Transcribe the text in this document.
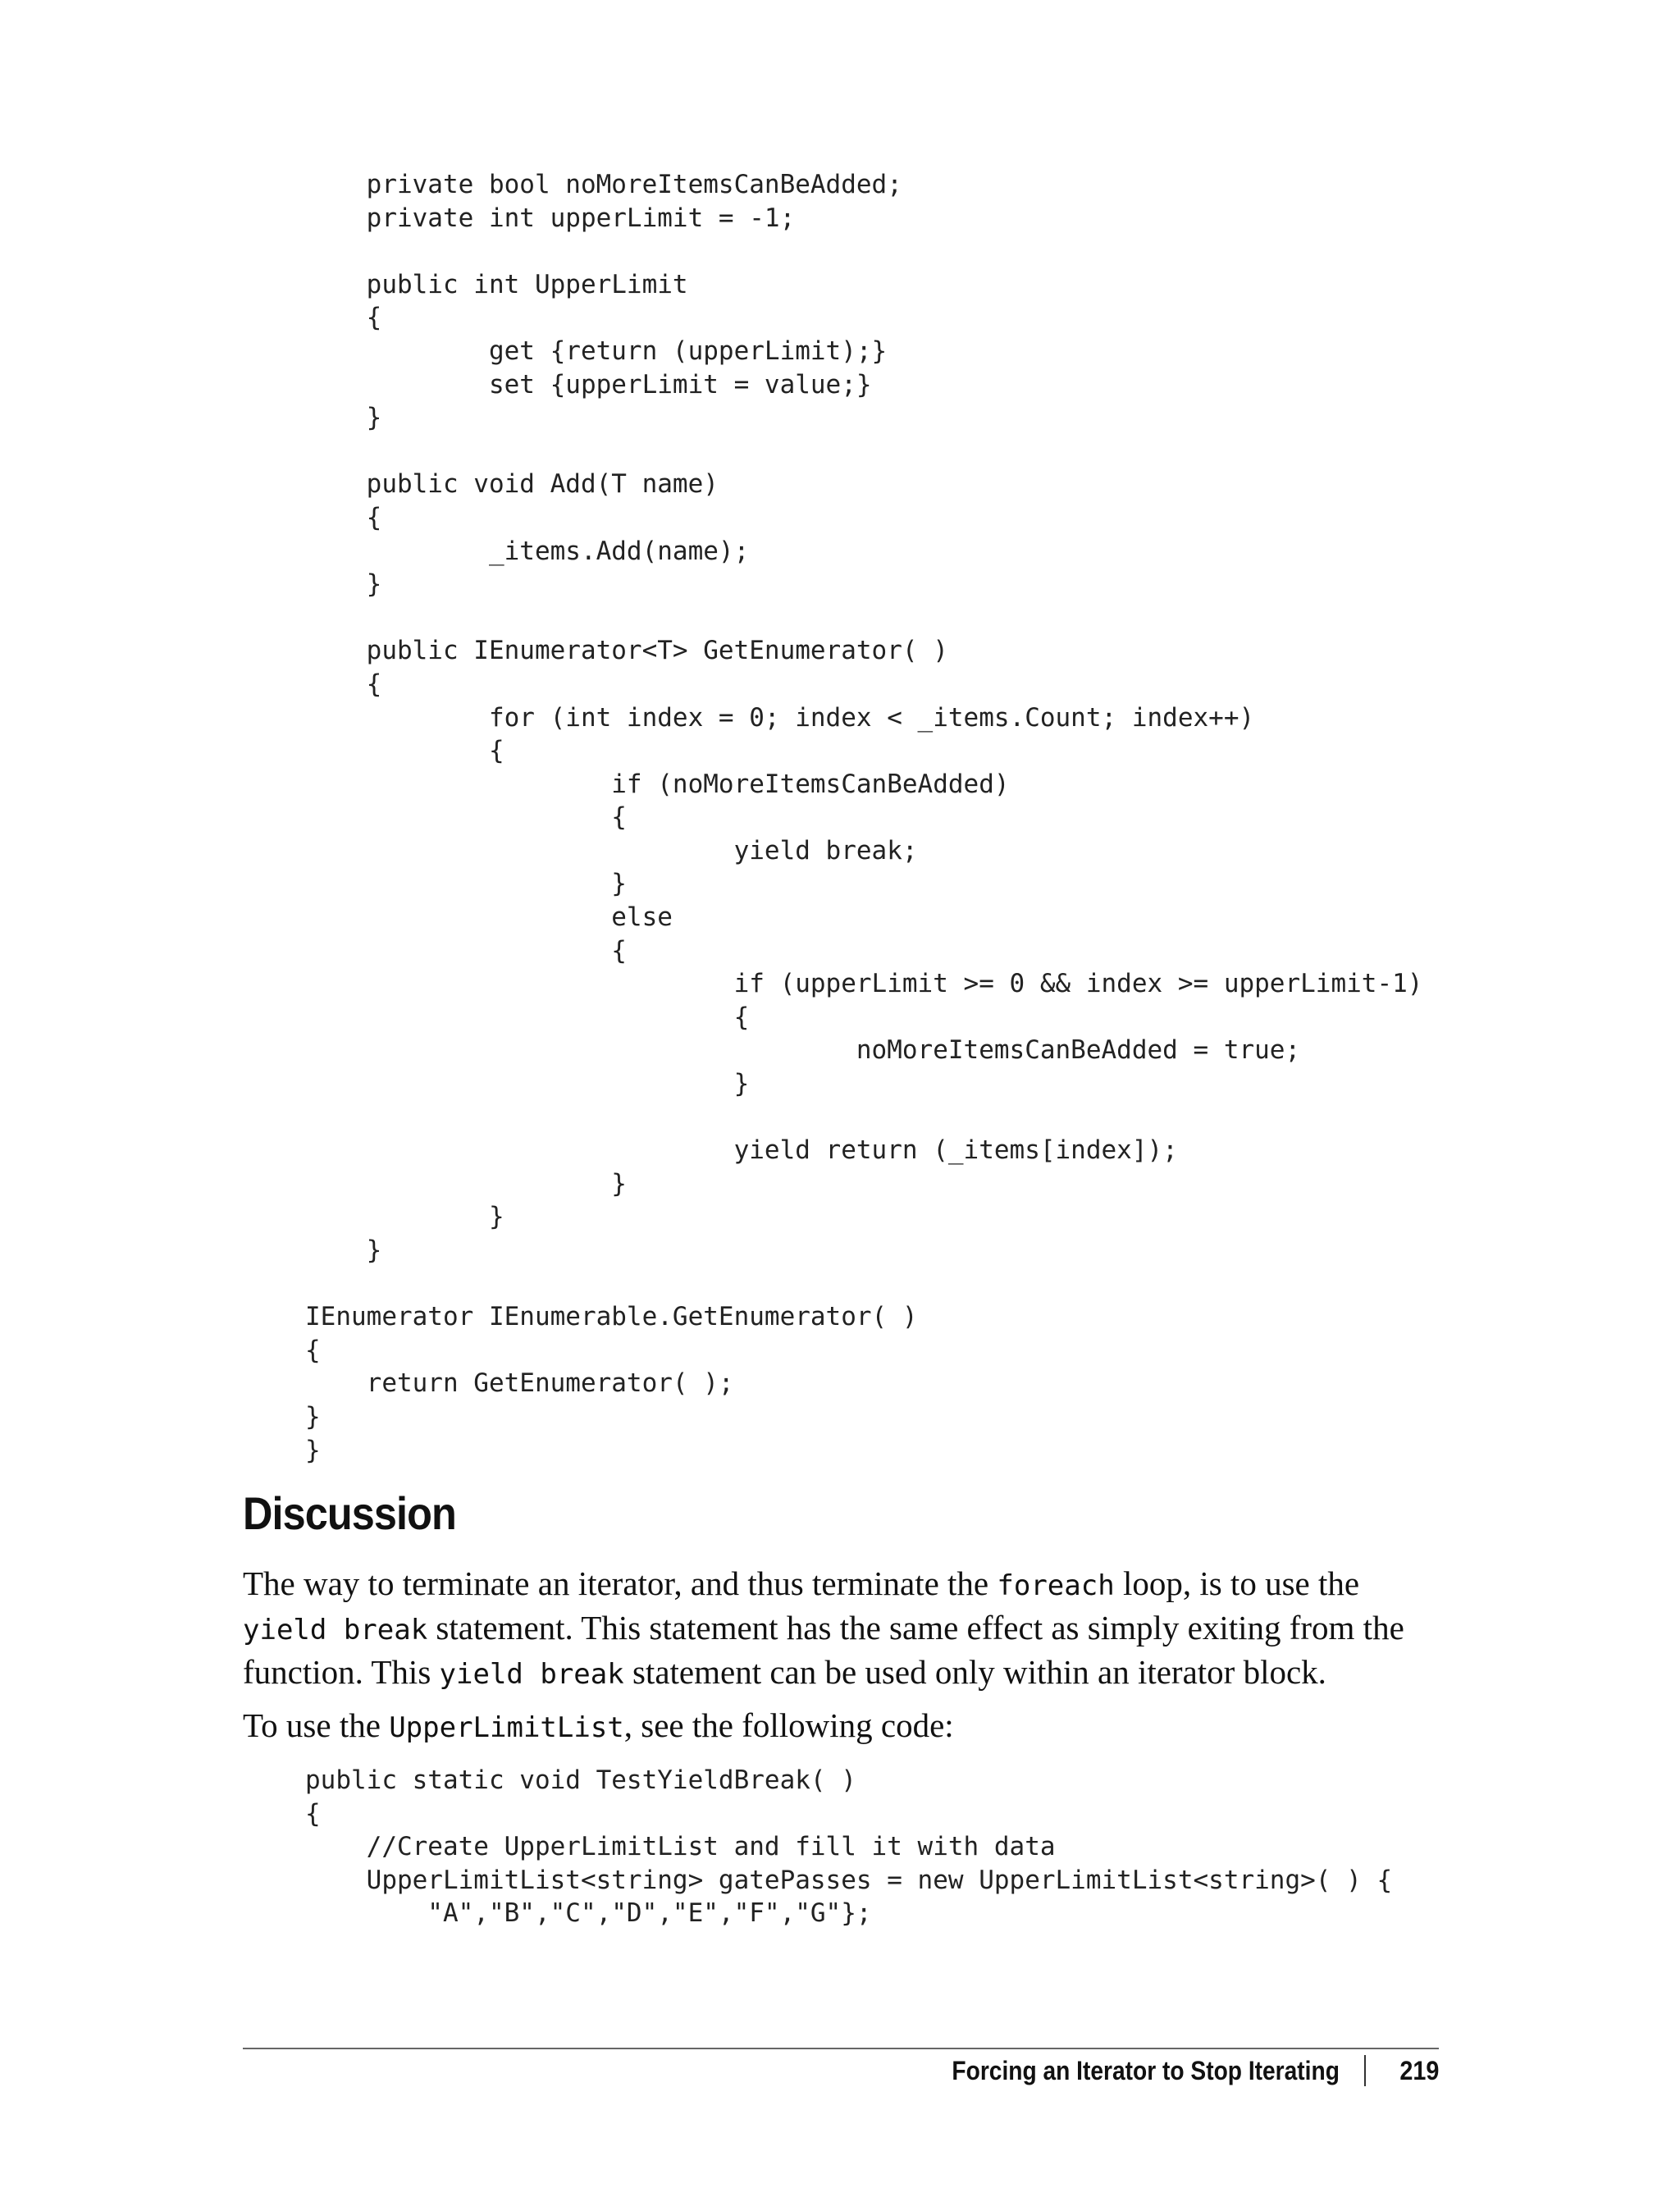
private bool noMoreItemsCanBeAdded;
private int upperLimit = -1;

public int UpperLimit
{
get {return (upperLimit);}
set {upperLimit = value;}
}

public void Add(T name)
{
_items.Add(name);
}

public IEnumerator<T> GetEnumerator( )
{
for (int index = 0; index < _items.Count; index++)
{
if (noMoreItemsCanBeAdded)
{
yield break;
}
else
{
if (upperLimit >= 0 && index >= upperLimit-1)
{
noMoreItemsCanBeAdded = true;
}

yield return (_items[index]);
}
}
}

IEnumerator IEnumerable.GetEnumerator( )
{
return GetEnumerator( );
}
}
Discussion

The way to terminate an iterator, and thus terminate the foreach loop, is to use the yield break statement. This statement has the same effect as simply exiting from the function. This yield break statement can be used only within an iterator block.

To use the UpperLimitList, see the following code:

public static void TestYieldBreak( )
{
//Create UpperLimitList and fill it with data
UpperLimitList<string> gatePasses = new UpperLimitList<string>( ) {
"A","B","C","D","E","F","G"};
Forcing an Iterator to Stop Iterating 219
